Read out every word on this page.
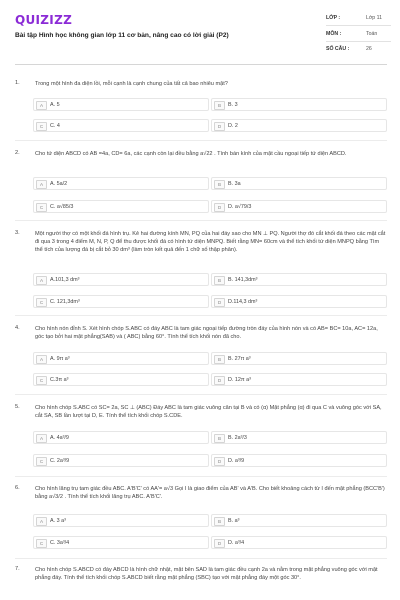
QUIZIZZ
Bài tập Hình học không gian lớp 11 cơ bản, nâng cao có lời giải (P2)
LỚP :	Lớp 11
MÔN :	Toán
SỐ CÂU :	26
1.	Trong một hình đa diện lồi, mỗi cạnh là cạnh chung của tất cả bao nhiêu mặt?
A	A. 5	B	B. 3
C	C. 4	D	D. 2
2.	Cho tứ diện ABCD có AB =4a, CD= 6a, các cạnh còn lại đều bằng a√22 . Tính bán kính của mặt cầu ngoại tiếp tứ diện ABCD.
A	A. 5a/2	B	B. 3a
C	C. a√85/3	D	D. a√79/3
3.	Một người thợ có một khối đá hình trụ. Kẻ hai đường kính MN, PQ của hai đáy sao cho MN ⊥ PQ. Người thợ đó cắt khối đá theo các mặt cắt đi qua 3 trong 4 điểm M, N, P, Q để thu được khối đá có hình tứ diện MNPQ. Biết rằng MN= 60cm và thể tích khối tứ diện MNPQ bằng Tìm thể tích của lượng đá bị cắt bỏ 30 dm³ (làm tròn kết quả đến 1 chữ số thập phân).
A	A.101,3 dm³	B	B. 141,3dm³
C	C. 121,3dm³	D	D.114,3 dm³
4.	Cho hình nón đỉnh S. Xét hình chóp S.ABC có đáy ABC là tam giác ngoại tiếp đường tròn đáy của hình nón và có AB= BC= 10a, AC= 12a, góc tạo bởi hai mặt phẳng(SAB) và ( ABC) bằng 60°. Tính thể tích khối nón đã cho.
A	A. 9π a³	B	B. 27π a³
C	C.3π a³	D	D. 12π a³
5.	Cho hình chóp S.ABC có SC= 2a, SC ⊥ (ABC) Đáy ABC là tam giác vuông cân tại B và có (α) Mặt phẳng (α) đi qua C và vuông góc với SA, cắt SA, SB lần lượt tại D, E. Tính thể tích khối chóp S.CDE.
A	A. 4a³/9	B	B. 2a³/3
C	C. 2a³/9	D	D. a³/9
6.	Cho hình lăng trụ tam giác đều ABC. A'B'C' có AA'= a√3 Gọi I là giao điểm của AB' và A'B. Cho biết khoảng cách từ I đến mặt phẳng (BCC'B') bằng a√3/2 . Tính thể tích khối lăng trụ ABC. A'B'C'.
A	A. 3 a³	B	B. a³
C	C. 3a³/4	D	D. a³/4
7.	Cho hình chóp S.ABCD có đáy ABCD là hình chữ nhật, mặt bên SAD là tam giác đều cạnh 2a và nằm trong mặt phẳng vuông góc với mặt phẳng đáy. Tính thể tích khối chóp S.ABCD biết rằng mặt phẳng (SBC) tạo với mặt phẳng đáy một góc 30°.
